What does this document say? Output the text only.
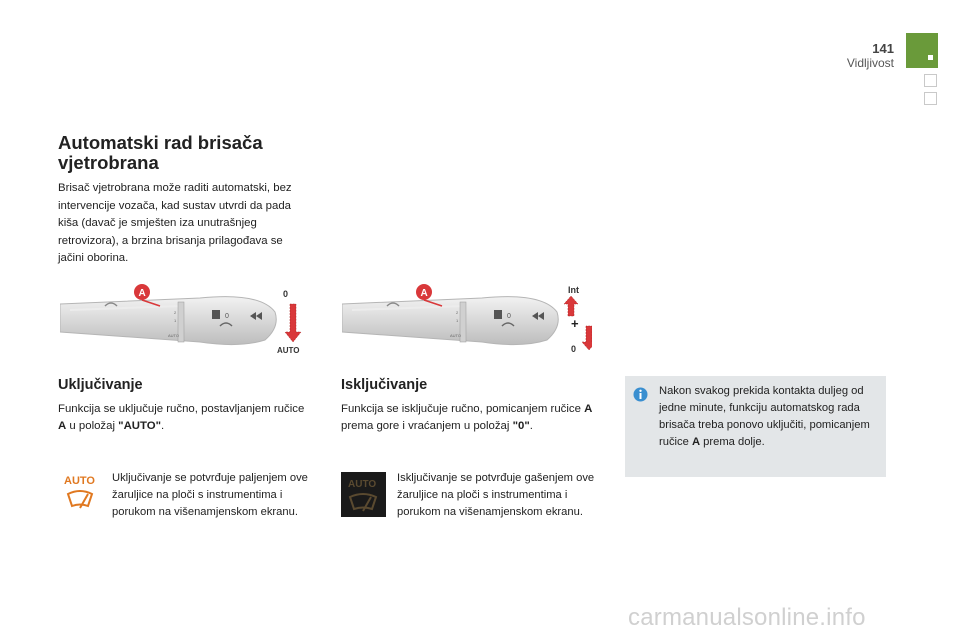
141
Vidljivost
Automatski rad brisača vjetrobrana
Brisač vjetrobrana može raditi automatski, bez intervencije vozača, kad sustav utvrdi da pada kiša (davač je smješten iza unutrašnjeg retrovizora), a brzina brisanja prilagođava se jačini oborina.
2
1
AUTO
0
A	0
AUTO
2
1
AUTO
0
A	Int
+
0
Uključivanje
Funkcija se uključuje ručno, postavljanjem ručice A u položaj "AUTO".
AUTO Uključivanje se potvrđuje paljenjem ove žaruljice na ploči s instrumentima i porukom na višenamjenskom ekranu.
Isključivanje
Funkcija se isključuje ručno, pomicanjem ručice A prema gore i vraćanjem u položaj "0".
AUTO
Isključivanje se potvrđuje gašenjem ove žaruljice na ploči s instrumentima i porukom na višenamjenskom ekranu.
Nakon svakog prekida kontakta duljeg od jedne minute, funkciju automatskog rada brisača treba ponovo uključiti, pomicanjem ručice A prema dolje.
carmanualsonline.info
